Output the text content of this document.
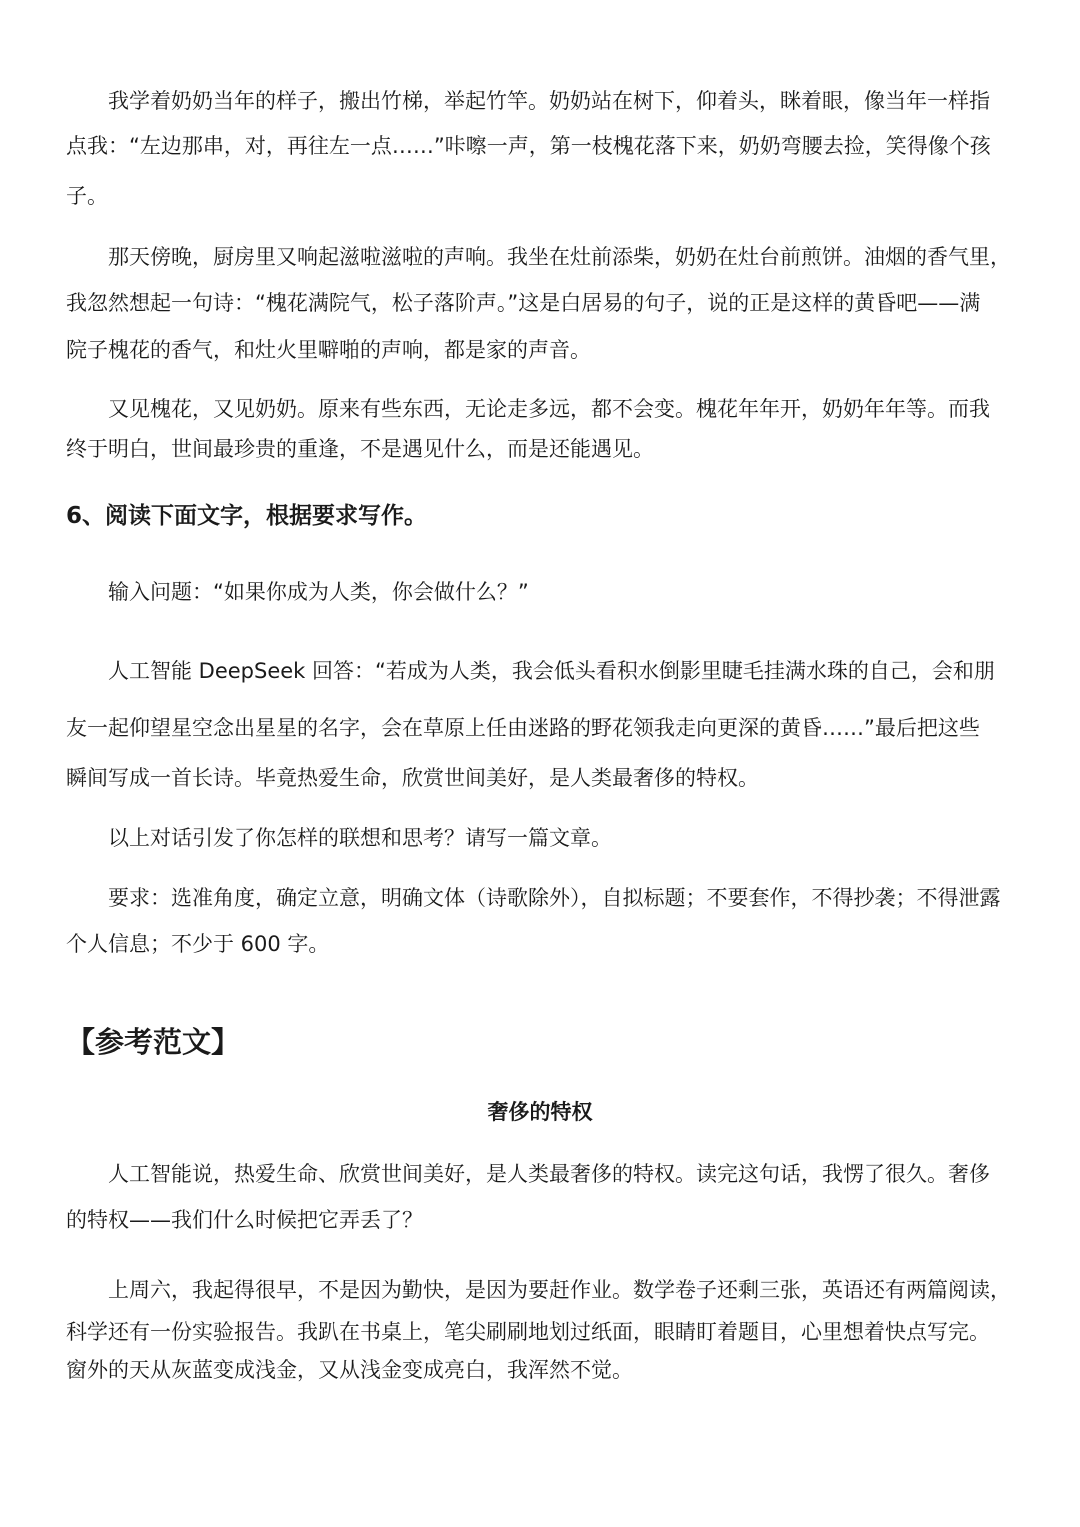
我学着奶奶当年的样子，搬出竹梯，举起竹竿。奶奶站在树下，仰着头，眯着眼，像当年一样指
点我：“左边那串，对，再往左一点……”咔嚓一声，第一枝槐花落下来，奶奶弯腰去捡，笑得像个孩
子。
那天傍晚，厨房里又响起滋啦滋啦的声响。我坐在灶前添柴，奶奶在灶台前煎饼。油烟的香气里，
我忽然想起一句诗：“槐花满院气，松子落阶声。”这是白居易的句子，说的正是这样的黄昏吧——满
院子槐花的香气，和灶火里噼啪的声响，都是家的声音。
又见槐花，又见奶奶。原来有些东西，无论走多远，都不会变。槐花年年开，奶奶年年等。而我
终于明白，世间最珍贵的重逢，不是遇见什么，而是还能遇见。
6、阅读下面文字，根据要求写作。
输入问题：“如果你成为人类，你会做什么？”
人工智能 DeepSeek 回答：“若成为人类，我会低头看积水倒影里睫毛挂满水珠的自己，会和朋
友一起仰望星空念出星星的名字，会在草原上任由迷路的野花领我走向更深的黄昏……”最后把这些
瞬间写成一首长诗。毕竟热爱生命，欣赏世间美好，是人类最奢侈的特权。
以上对话引发了你怎样的联想和思考？请写一篇文章。
要求：选准角度，确定立意，明确文体（诗歌除外），自拟标题；不要套作，不得抄袭；不得泄露
个人信息；不少于 600 字。
【参考范文】
奢侈的特权
人工智能说，热爱生命、欣赏世间美好，是人类最奢侈的特权。读完这句话，我愣了很久。奢侈
的特权——我们什么时候把它弄丢了？
上周六，我起得很早，不是因为勤快，是因为要赶作业。数学卷子还剩三张，英语还有两篇阅读，
科学还有一份实验报告。我趴在书桌上，笔尖刷刷地划过纸面，眼睛盯着题目，心里想着快点写完。
窗外的天从灰蓝变成浅金，又从浅金变成亮白，我浑然不觉。
